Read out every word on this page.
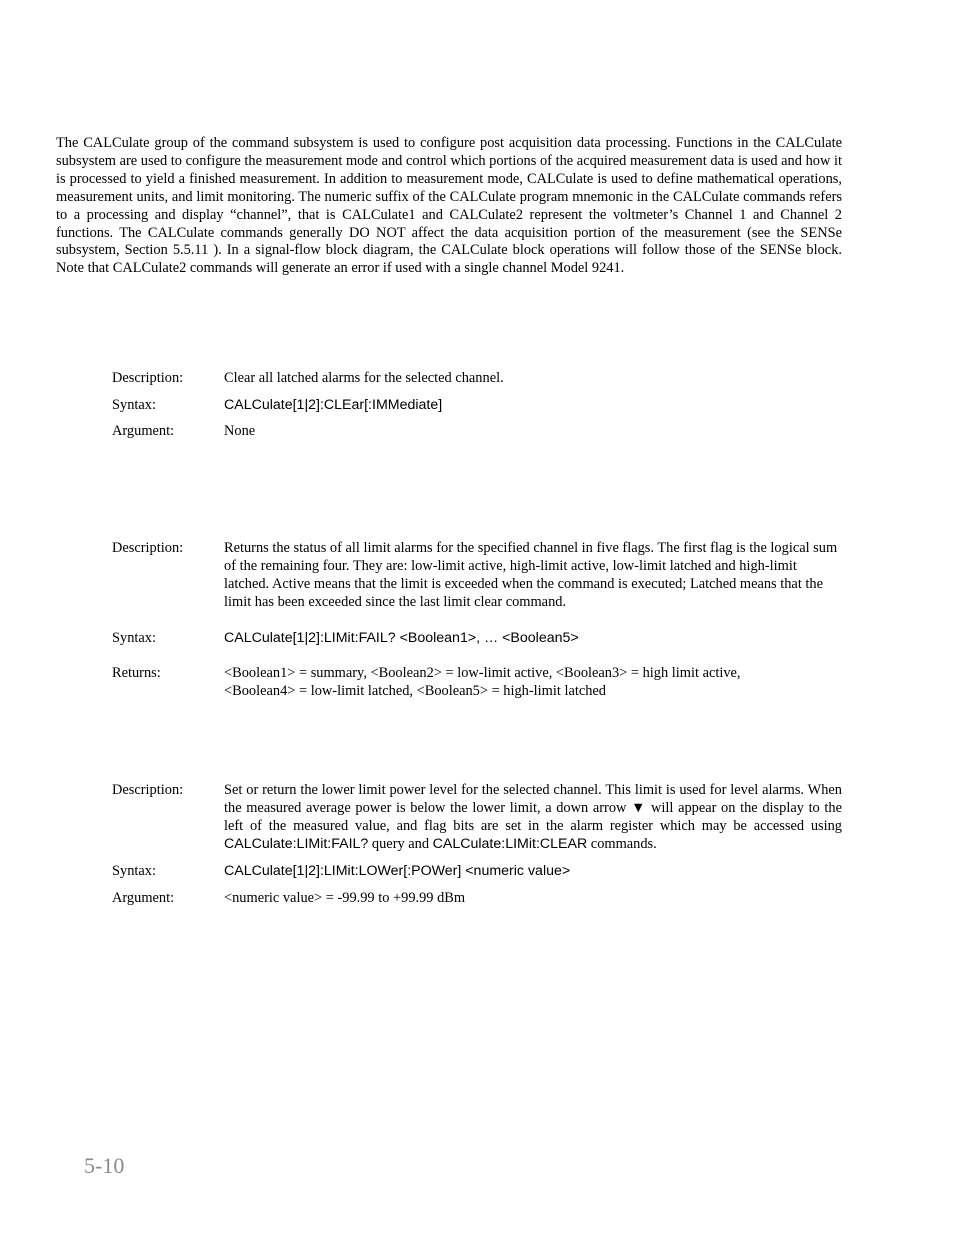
The CALCulate group of the command subsystem is used to configure post acquisition data processing. Functions in the CALCulate subsystem are used to configure the measurement mode and control which portions of the acquired measurement data is used and how it is processed to yield a finished measurement. In addition to measurement mode, CALCulate is used to define mathematical operations, measurement units, and limit monitoring. The numeric suffix of the CALCulate program mnemonic in the CALCulate commands refers to a processing and display “channel”, that is CALCulate1 and CALCulate2 represent the voltmeter’s Channel 1 and Channel 2 functions. The CALCulate commands generally DO NOT affect the data acquisition portion of the measurement (see the SENSe subsystem, Section 5.5.11 ). In a signal-flow block diagram, the CALCulate block operations will follow those of the SENSe block. Note that CALCulate2 commands will generate an error if used with a single channel Model 9241.

Description:	Clear all latched alarms for the selected channel.
Syntax:	CALCulate[1|2]:CLEar[:IMMediate]
Argument:	None
Description:	Returns the status of all limit alarms for the specified channel in five flags. The first flag is the logical sum of the remaining four. They are: low-limit active, high-limit active, low-limit latched and high-limit latched. Active means that the limit is exceeded when the command is executed; Latched means that the limit has been exceeded since the last limit clear command.
Syntax:	CALCulate[1|2]:LIMit:FAIL? <Boolean1>, … <Boolean5>
Returns:	<Boolean1> = summary, <Boolean2> = low-limit active, <Boolean3> = high limit active,
<Boolean4> = low-limit latched, <Boolean5> = high-limit latched
Description:	Set or return the lower limit power level for the selected channel. This limit is used for level alarms. When the measured average power is below the lower limit, a down arrow ▼ will appear on the display to the left of the measured value, and flag bits are set in the alarm register which may be accessed using CALCulate:LIMit:FAIL? query and CALCulate:LIMit:CLEAR commands.
Syntax:	CALCulate[1|2]:LIMit:LOWer[:POWer] <numeric value>
Argument:	<numeric value> = -99.99 to +99.99 dBm
5-10
